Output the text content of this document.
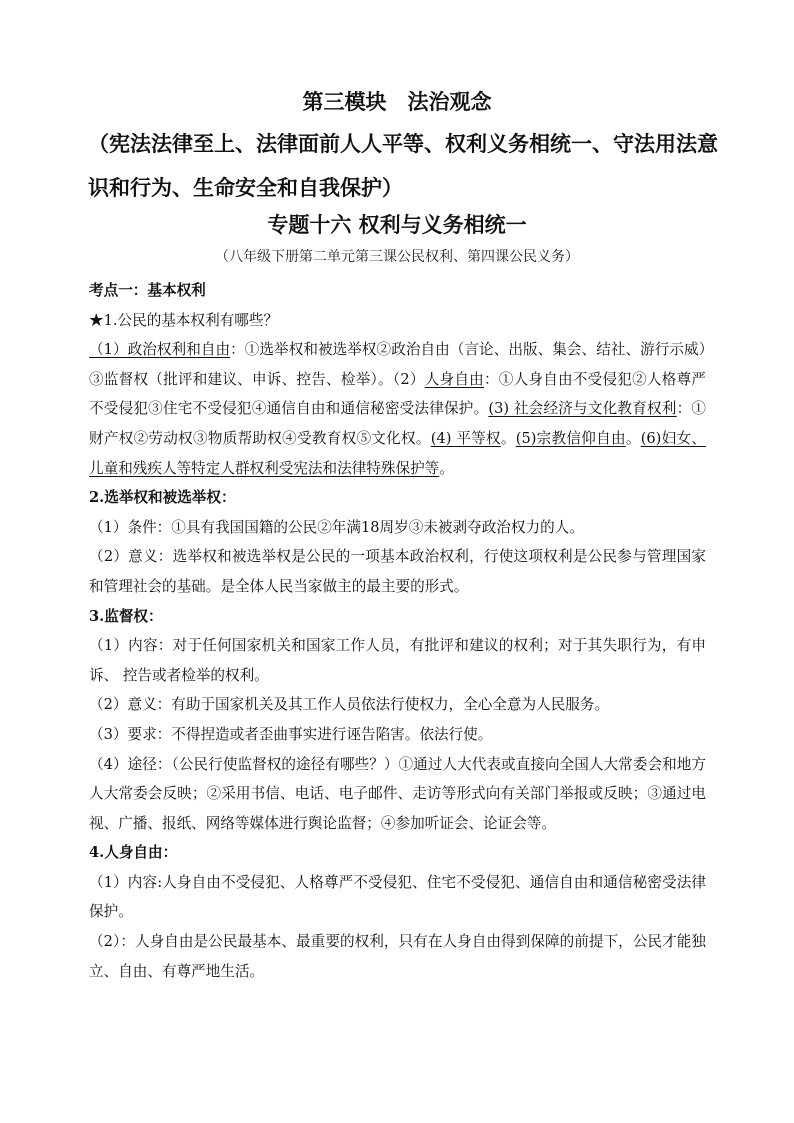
第三模块　法治观念
（宪法法律至上、法律面前人人平等、权利义务相统一、守法用法意识和行为、生命安全和自我保护）
专题十六 权利与义务相统一
（八年级下册第二单元第三课公民权利、第四课公民义务）

考点一：基本权利

★1.公民的基本权利有哪些？

（1）政治权利和自由：①选举权和被选举权②政治自由（言论、出版、集会、结社、游行示威）③监督权（批评和建议、申诉、控告、检举）。（2）人身自由：①人身自由不受侵犯②人格尊严不受侵犯③住宅不受侵犯④通信自由和通信秘密受法律保护。(3) 社会经济与文化教育权利：①财产权②劳动权③物质帮助权④受教育权⑤文化权。(4) 平等权。(5)宗教信仰自由。(6)妇女、儿童和残疾人等特定人群权利受宪法和法律特殊保护等。

2.选举权和被选举权：

（1）条件：①具有我国国籍的公民②年满18周岁③未被剥夺政治权力的人。

（2）意义：选举权和被选举权是公民的一项基本政治权利，行使这项权利是公民参与管理国家和管理社会的基础。是全体人民当家做主的最主要的形式。

3.监督权：

（1）内容：对于任何国家机关和国家工作人员，有批评和建议的权利；对于其失职行为，有申诉、 控告或者检举的权利。

（2）意义：有助于国家机关及其工作人员依法行使权力，全心全意为人民服务。

（3）要求：不得捏造或者歪曲事实进行诬告陷害。依法行使。

（4）途径：（公民行使监督权的途径有哪些？）①通过人大代表或直接向全国人大常委会和地方人大常委会反映；②采用书信、电话、电子邮件、走访等形式向有关部门举报或反映；③通过电视、广播、报纸、网络等媒体进行舆论监督；④参加听证会、论证会等。

4.人身自由：

（1）内容:人身自由不受侵犯、人格尊严不受侵犯、住宅不受侵犯、通信自由和通信秘密受法律保护。

（2）：人身自由是公民最基本、最重要的权利，只有在人身自由得到保障的前提下，公民才能独立、自由、有尊严地生活。
